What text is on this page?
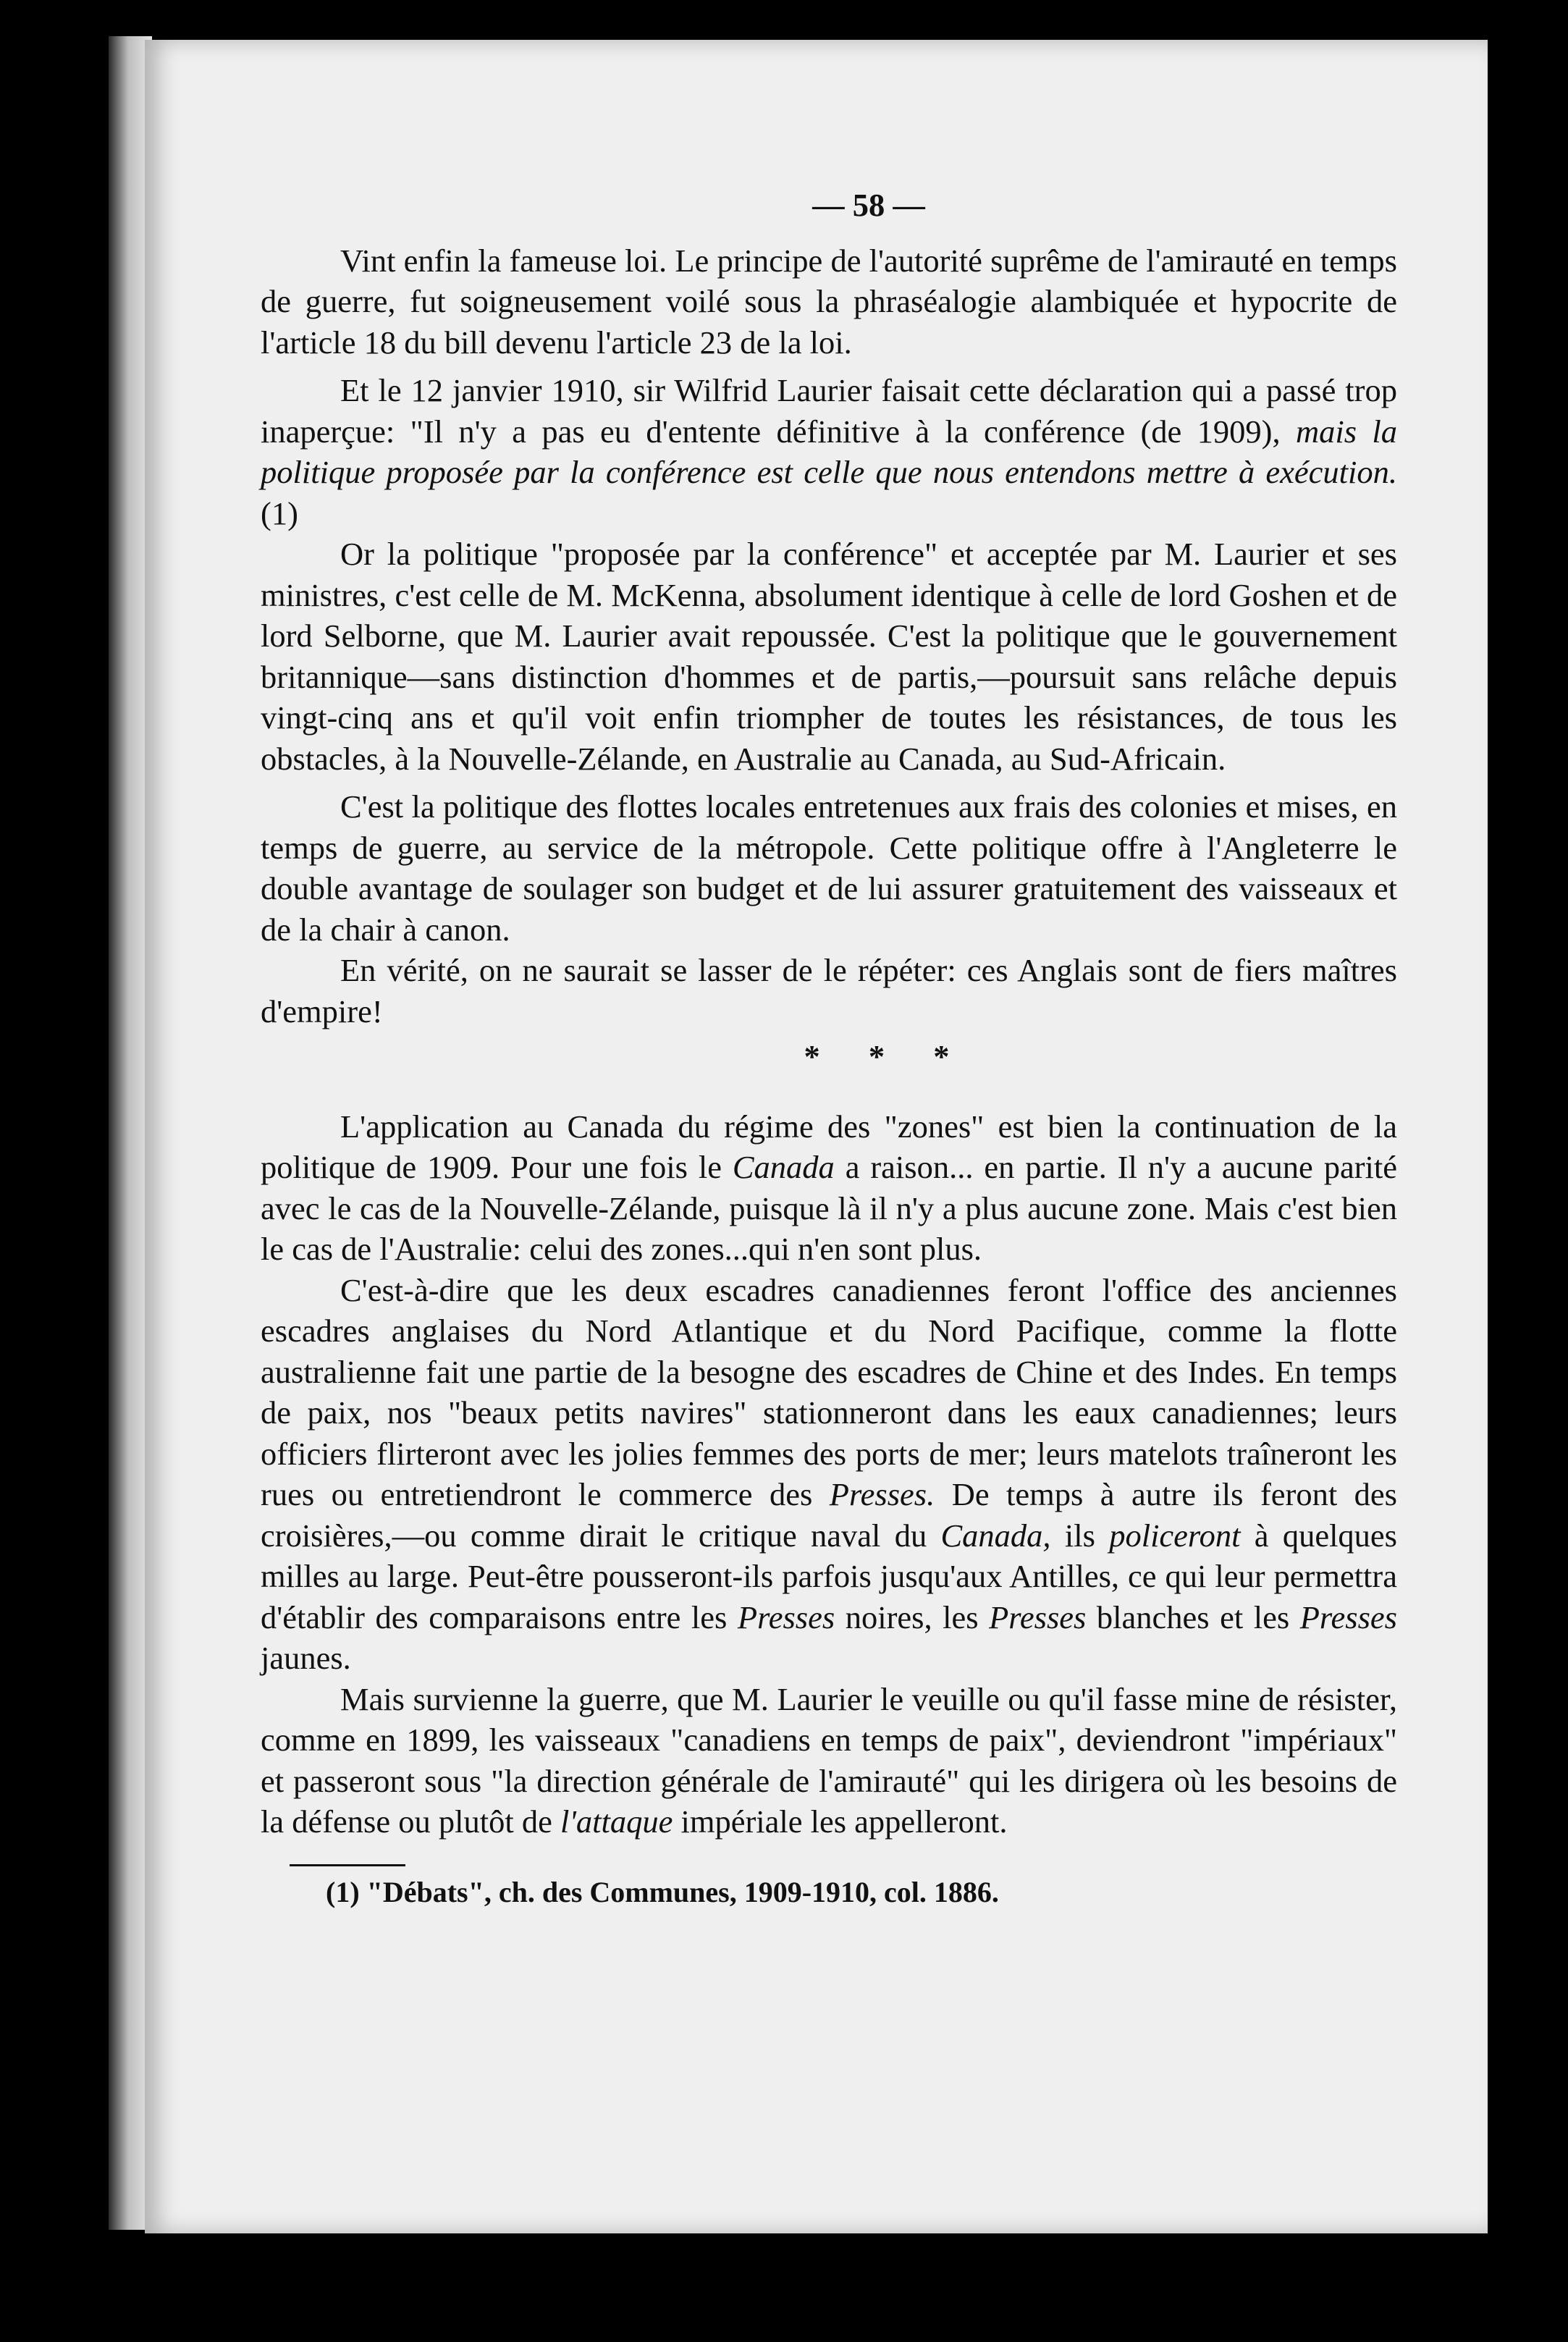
— 58 —

Vint enfin la fameuse loi. Le principe de l'autorité suprême de l'amirauté en temps de guerre, fut soigneusement voilé sous la phraséalogie alambiquée et hypocrite de l'article 18 du bill devenu l'article 23 de la loi.

Et le 12 janvier 1910, sir Wilfrid Laurier faisait cette déclaration qui a passé trop inaperçue: "Il n'y a pas eu d'entente définitive à la conférence (de 1909), mais la politique proposée par la conférence est celle que nous entendons mettre à exécution. (1)

Or la politique "proposée par la conférence" et acceptée par M. Laurier et ses ministres, c'est celle de M. McKenna, absolument identique à celle de lord Goshen et de lord Selborne, que M. Laurier avait repoussée. C'est la politique que le gouvernement britannique—sans distinction d'hommes et de partis,—poursuit sans relâche depuis vingt-cinq ans et qu'il voit enfin triompher de toutes les résistances, de tous les obstacles, à la Nouvelle-Zélande, en Australie au Canada, au Sud-Africain.

C'est la politique des flottes locales entretenues aux frais des colonies et mises, en temps de guerre, au service de la métropole. Cette politique offre à l'Angleterre le double avantage de soulager son budget et de lui assurer gratuitement des vaisseaux et de la chair à canon.

En vérité, on ne saurait se lasser de le répéter: ces Anglais sont de fiers maîtres d'empire!

* * *

L'application au Canada du régime des "zones" est bien la continuation de la politique de 1909. Pour une fois le Canada a raison... en partie. Il n'y a aucune parité avec le cas de la Nouvelle-Zélande, puisque là il n'y a plus aucune zone. Mais c'est bien le cas de l'Australie: celui des zones...qui n'en sont plus.

C'est-à-dire que les deux escadres canadiennes feront l'office des anciennes escadres anglaises du Nord Atlantique et du Nord Pacifique, comme la flotte australienne fait une partie de la besogne des escadres de Chine et des Indes. En temps de paix, nos "beaux petits navires" stationneront dans les eaux canadiennes; leurs officiers flirteront avec les jolies femmes des ports de mer; leurs matelots traîneront les rues ou entretiendront le commerce des Presses. De temps à autre ils feront des croisières,—ou comme dirait le critique naval du Canada, ils policeront à quelques milles au large. Peut-être pousseront-ils parfois jusqu'aux Antilles, ce qui leur permettra d'établir des comparaisons entre les Presses noires, les Presses blanches et les Presses jaunes.

Mais survienne la guerre, que M. Laurier le veuille ou qu'il fasse mine de résister, comme en 1899, les vaisseaux "canadiens en temps de paix", deviendront "impériaux" et passeront sous "la direction générale de l'amirauté" qui les dirigera où les besoins de la défense ou plutôt de l'attaque impériale les appelleront.

(1) "Débats", ch. des Communes, 1909-1910, col. 1886.
